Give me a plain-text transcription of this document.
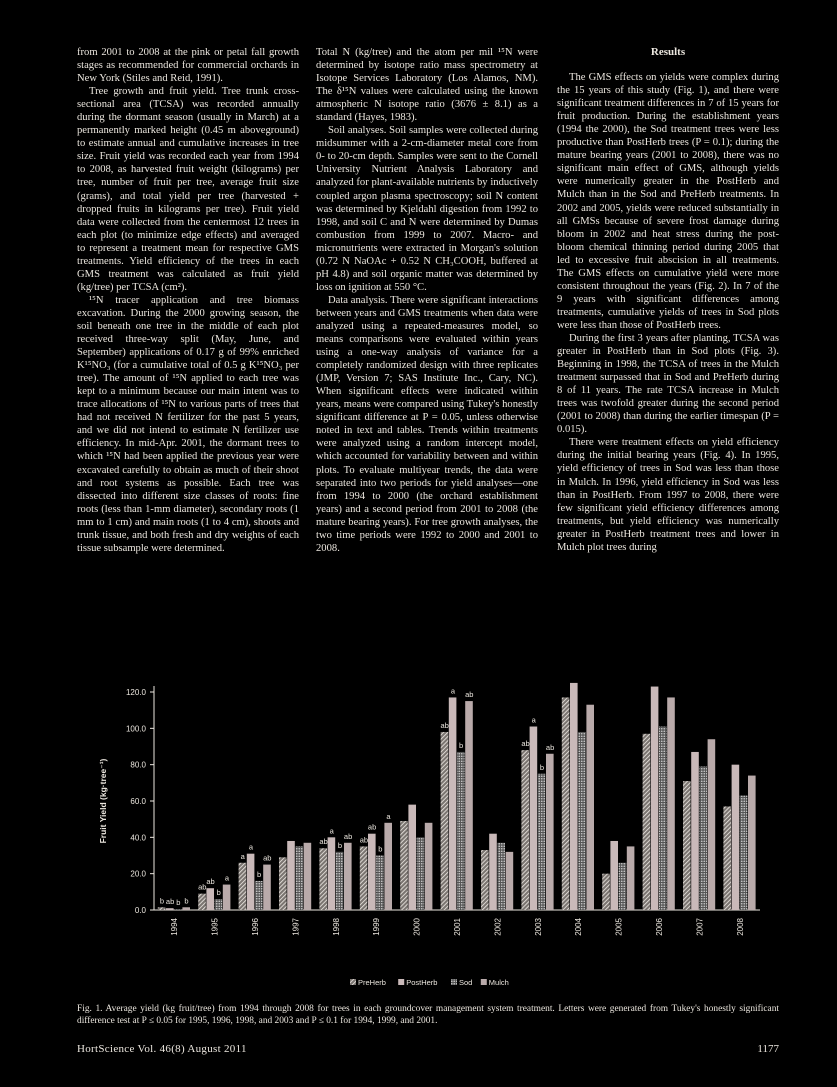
from 2001 to 2008 at the pink or petal fall growth stages as recommended for commercial orchards in New York (Stiles and Reid, 1991).

Tree growth and fruit yield. Tree trunk cross-sectional area (TCSA) was recorded annually during the dormant season (usually in March) at a permanently marked height (0.45 m aboveground) to estimate annual and cumulative increases in tree size. Fruit yield was recorded each year from 1994 to 2008, as harvested fruit weight (kilograms) per tree, number of fruit per tree, average fruit size (grams), and total yield per tree (harvested + dropped fruits in kilograms per tree). Fruit yield data were collected from the centermost 12 trees in each plot (to minimize edge effects) and averaged to represent a treatment mean for respective GMS treatments. Yield efficiency of the trees in each GMS treatment was calculated as fruit yield (kg/tree) per TCSA (cm²).

¹⁵N tracer application and tree biomass excavation. During the 2000 growing season, the soil beneath one tree in the middle of each plot received three-way split (May, June, and September) applications of 0.17 g of 99% enriched K¹⁵NO₃ (for a cumulative total of 0.5 g K¹⁵NO₃ per tree). The amount of ¹⁵N applied to each tree was kept to a minimum because our main intent was to trace allocations of ¹⁵N to various parts of trees that had not received N fertilizer for the past 5 years, and we did not intend to estimate N fertilizer use efficiency. In mid-Apr. 2001, the dormant trees to which ¹⁵N had been applied the previous year were excavated carefully to obtain as much of their shoot and root systems as possible. Each tree was dissected into different size classes of roots: fine roots (less than 1-mm diameter), secondary roots (1 mm to 1 cm) and main roots (1 to 4 cm), shoots and trunk tissue, and both fresh and dry weights of each tissue subsample were determined.

Total N (kg/tree) and the atom per mil ¹⁵N were determined by isotope ratio mass spectrometry at Isotope Services Laboratory (Los Alamos, NM). The δ¹⁵N values were calculated using the known atmospheric N isotope ratio (3676 ± 8.1) as a standard (Hayes, 1983).

Soil analyses. Soil samples were collected during midsummer with a 2-cm-diameter metal core from 0- to 20-cm depth. Samples were sent to the Cornell University Nutrient Analysis Laboratory and analyzed for plant-available nutrients by inductively coupled argon plasma spectroscopy; soil N content was determined by Kjeldahl digestion from 1992 to 1998, and soil C and N were determined by Dumas combustion from 1999 to 2007. Macro- and micronutrients were extracted in Morgan's solution (0.72 N NaOAc + 0.52 N CH₃COOH, buffered at pH 4.8) and soil organic matter was determined by loss on ignition at 550 °C.

Data analysis. There were significant interactions between years and GMS treatments when data were analyzed using a repeated-measures model, so means comparisons were evaluated within years using a one-way analysis of variance for a completely randomized design with three replicates (JMP, Version 7; SAS Institute Inc., Cary, NC). When significant effects were indicated within years, means were compared using Tukey's honestly significant difference at P = 0.05, unless otherwise noted in text and tables. Trends within treatments were analyzed using a random intercept model, which accounted for variability between and within plots. To evaluate multiyear trends, the data were separated into two periods for yield analyses—one from 1994 to 2000 (the orchard establishment years) and a second period from 2001 to 2008 (the mature bearing years). For tree growth analyses, the two time periods were 1992 to 2000 and 2001 to 2008.

Results

The GMS effects on yields were complex during the 15 years of this study (Fig. 1), and there were significant treatment differences in 7 of 15 years for fruit production. During the establishment years (1994 the 2000), the Sod treatment trees were less productive than PostHerb trees (P = 0.1); during the mature bearing years (2001 to 2008), there was no significant main effect of GMS, although yields were numerically greater in the PostHerb and Mulch than in the Sod and PreHerb treatments. In 2002 and 2005, yields were reduced substantially in all GMSs because of severe frost damage during bloom in 2002 and heat stress during the post-bloom chemical thinning period during 2005 that led to excessive fruit abscision in all treatments. The GMS effects on cumulative yield were more consistent throughout the years (Fig. 2). In 7 of the 9 years with significant differences among treatments, cumulative yields of trees in Sod plots were less than those of PostHerb trees.

During the first 3 years after planting, TCSA was greater in PostHerb than in Sod plots (Fig. 3). Beginning in 1998, the TCSA of trees in the Mulch treatment surpassed that in Sod and PreHerb during 8 of 11 years. The rate TCSA increase in Mulch trees was twofold greater during the second period (2001 to 2008) than during the earlier timespan (P = 0.015).

There were treatment effects on yield efficiency during the initial bearing years (Fig. 4). In 1995, yield efficiency of trees in Sod was less than those in Mulch. In 1996, yield efficiency in Sod was less than in PostHerb. From 1997 to 2008, there were few significant yield efficiency differences among treatments, but yield efficiency was numerically greater in PostHerb treatment trees and lower in Mulch plot trees during

0.0
20.0
40.0
60.0
80.0
100.0
120.0
Fruit Yield (kg·tree⁻¹)
b ab b b
1994
ab
ab
b
a
1995
a
a
b
ab
1996	1997
ab
a
b
ab
1998
ab
ab
b
a
1999	2000
ab
a
b
ab
2001	2002
ab
a
b
ab
2003	2004	2005	2006	2007	2008
PreHerb	PostHerb	Sod Mulch
Fig. 1. Average yield (kg fruit/tree) from 1994 through 2008 for trees in each groundcover management system treatment. Letters were generated from Tukey's honestly significant difference test at P ≤ 0.05 for 1995, 1996, 1998, and 2003 and P ≤ 0.1 for 1994, 1999, and 2001.
HortScience Vol. 46(8) August 2011	1177
